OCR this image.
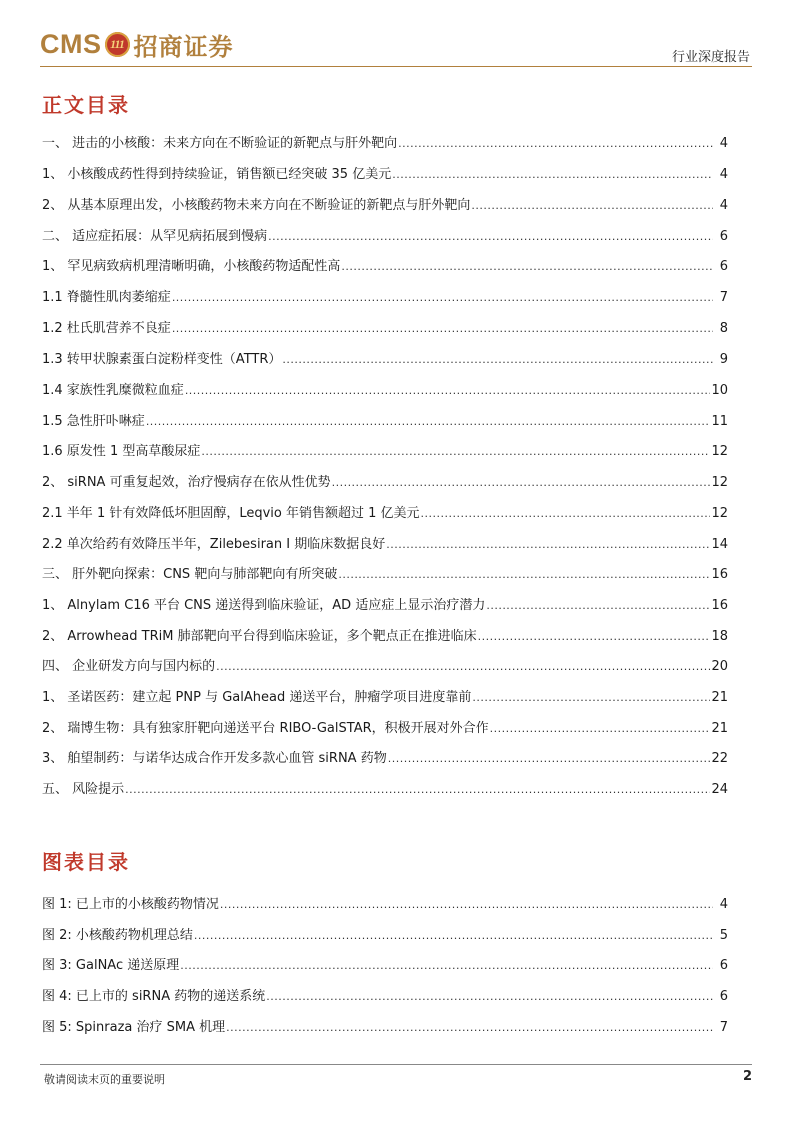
CMS 111 招商证券	行业深度报告
正文目录
一、 进击的小核酸：未来方向在不断验证的新靶点与肝外靶向 .....	4
1、 小核酸成药性得到持续验证，销售额已经突破 35 亿美元 .....	4
2、 从基本原理出发，小核酸药物未来方向在不断验证的新靶点与肝外靶向 .....	4
二、 适应症拓展：从罕见病拓展到慢病 .....	6
1、 罕见病致病机理清晰明确，小核酸药物适配性高 .....	6
1.1 脊髓性肌肉萎缩症 .....	7
1.2 杜氏肌营养不良症 .....	8
1.3 转甲状腺素蛋白淀粉样变性（ATTR） .....	9
1.4 家族性乳糜微粒血症 .....	10
1.5 急性肝卟啉症 .....	11
1.6 原发性 1 型高草酸尿症 .....	12
2、 siRNA 可重复起效，治疗慢病存在依从性优势 .....	12
2.1 半年 1 针有效降低坏胆固醇，Leqvio 年销售额超过 1 亿美元 .....	12
2.2 单次给药有效降压半年，Zilebesiran I 期临床数据良好 .....	14
三、 肝外靶向探索：CNS 靶向与肺部靶向有所突破 .....	16
1、 Alnylam C16 平台 CNS 递送得到临床验证，AD 适应症上显示治疗潜力 .....	16
2、 Arrowhead TRiM 肺部靶向平台得到临床验证，多个靶点正在推进临床 .....	18
四、 企业研发方向与国内标的 .....	20
1、 圣诺医药：建立起 PNP 与 GalAhead 递送平台，肿瘤学项目进度靠前 .....	21
2、 瑞博生物：具有独家肝靶向递送平台 RIBO-GalSTAR，积极开展对外合作 .....	21
3、 舶望制药：与诺华达成合作开发多款心血管 siRNA 药物 .....	22
五、 风险提示 .....	24
图表目录
图 1: 已上市的小核酸药物情况 .....	4
图 2: 小核酸药物机理总结 .....	5
图 3: GalNAc 递送原理 .....	6
图 4: 已上市的 siRNA 药物的递送系统 .....	6
图 5: Spinraza 治疗 SMA 机理 .....	7
敬请阅读末页的重要说明	2
